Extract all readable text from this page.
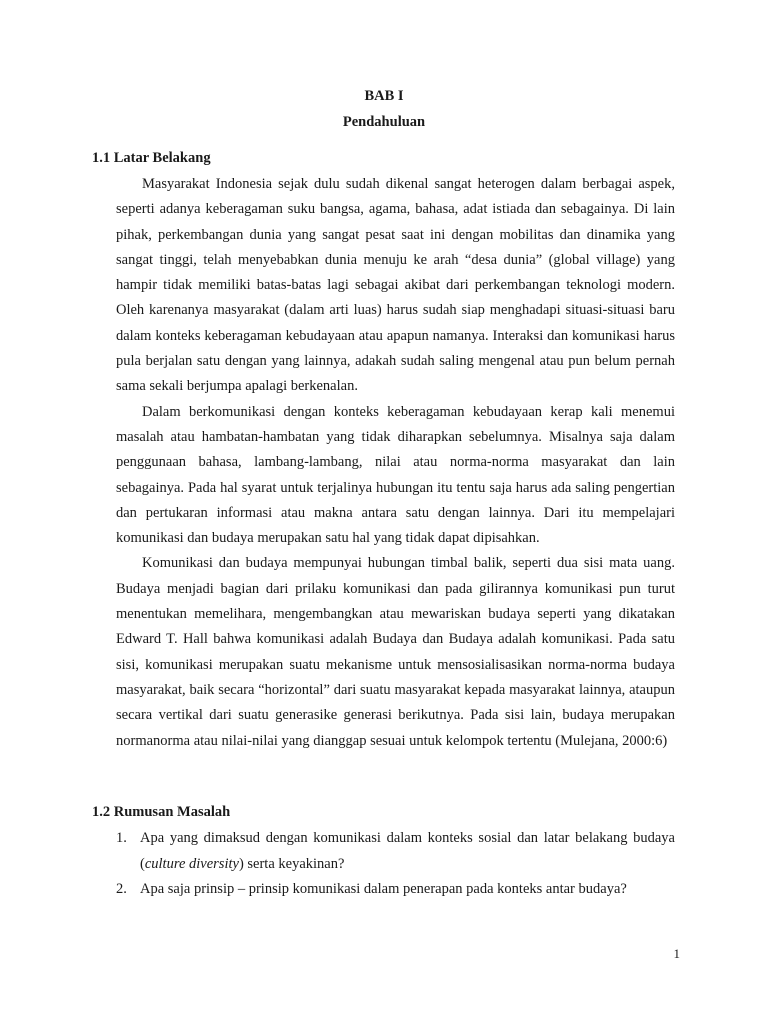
BAB I
Pendahuluan
1.1 Latar Belakang

Masyarakat Indonesia sejak dulu sudah dikenal sangat heterogen dalam berbagai aspek, seperti adanya keberagaman suku bangsa, agama, bahasa, adat istiada dan sebagainya. Di lain pihak, perkembangan dunia yang sangat pesat saat ini dengan mobilitas dan dinamika yang sangat tinggi, telah menyebabkan dunia menuju ke arah “desa dunia” (global village) yang hampir tidak memiliki batas-batas lagi sebagai akibat dari perkembangan teknologi modern. Oleh karenanya masyarakat (dalam arti luas) harus sudah siap menghadapi situasi-situasi baru dalam konteks keberagaman kebudayaan atau apapun namanya. Interaksi dan komunikasi harus pula berjalan satu dengan yang lainnya, adakah sudah saling mengenal atau pun belum pernah sama sekali berjumpa apalagi berkenalan.

Dalam berkomunikasi dengan konteks keberagaman kebudayaan kerap kali menemui masalah atau hambatan-hambatan yang tidak diharapkan sebelumnya. Misalnya saja dalam penggunaan bahasa, lambang-lambang, nilai atau norma-norma masyarakat dan lain sebagainya. Pada hal syarat untuk terjalinya hubungan itu tentu saja harus ada saling pengertian dan pertukaran informasi atau makna antara satu dengan lainnya. Dari itu mempelajari komunikasi dan budaya merupakan satu hal yang tidak dapat dipisahkan.

Komunikasi dan budaya mempunyai hubungan timbal balik, seperti dua sisi mata uang. Budaya menjadi bagian dari prilaku komunikasi dan pada gilirannya komunikasi pun turut menentukan memelihara, mengembangkan atau mewariskan budaya seperti yang dikatakan Edward T. Hall bahwa komunikasi adalah Budaya dan Budaya adalah komunikasi. Pada satu sisi, komunikasi merupakan suatu mekanisme untuk mensosialisasikan norma-norma budaya masyarakat, baik secara “horizontal” dari suatu masyarakat kepada masyarakat lainnya, ataupun secara vertikal dari suatu generasike generasi berikutnya. Pada sisi lain, budaya merupakan normanorma atau nilai-nilai yang dianggap sesuai untuk kelompok tertentu (Mulejana, 2000:6)

1.2 Rumusan Masalah
1. Apa yang dimaksud dengan komunikasi dalam konteks sosial dan latar belakang budaya (culture diversity) serta keyakinan?
2. Apa saja prinsip – prinsip komunikasi dalam penerapan pada konteks antar budaya?
1
